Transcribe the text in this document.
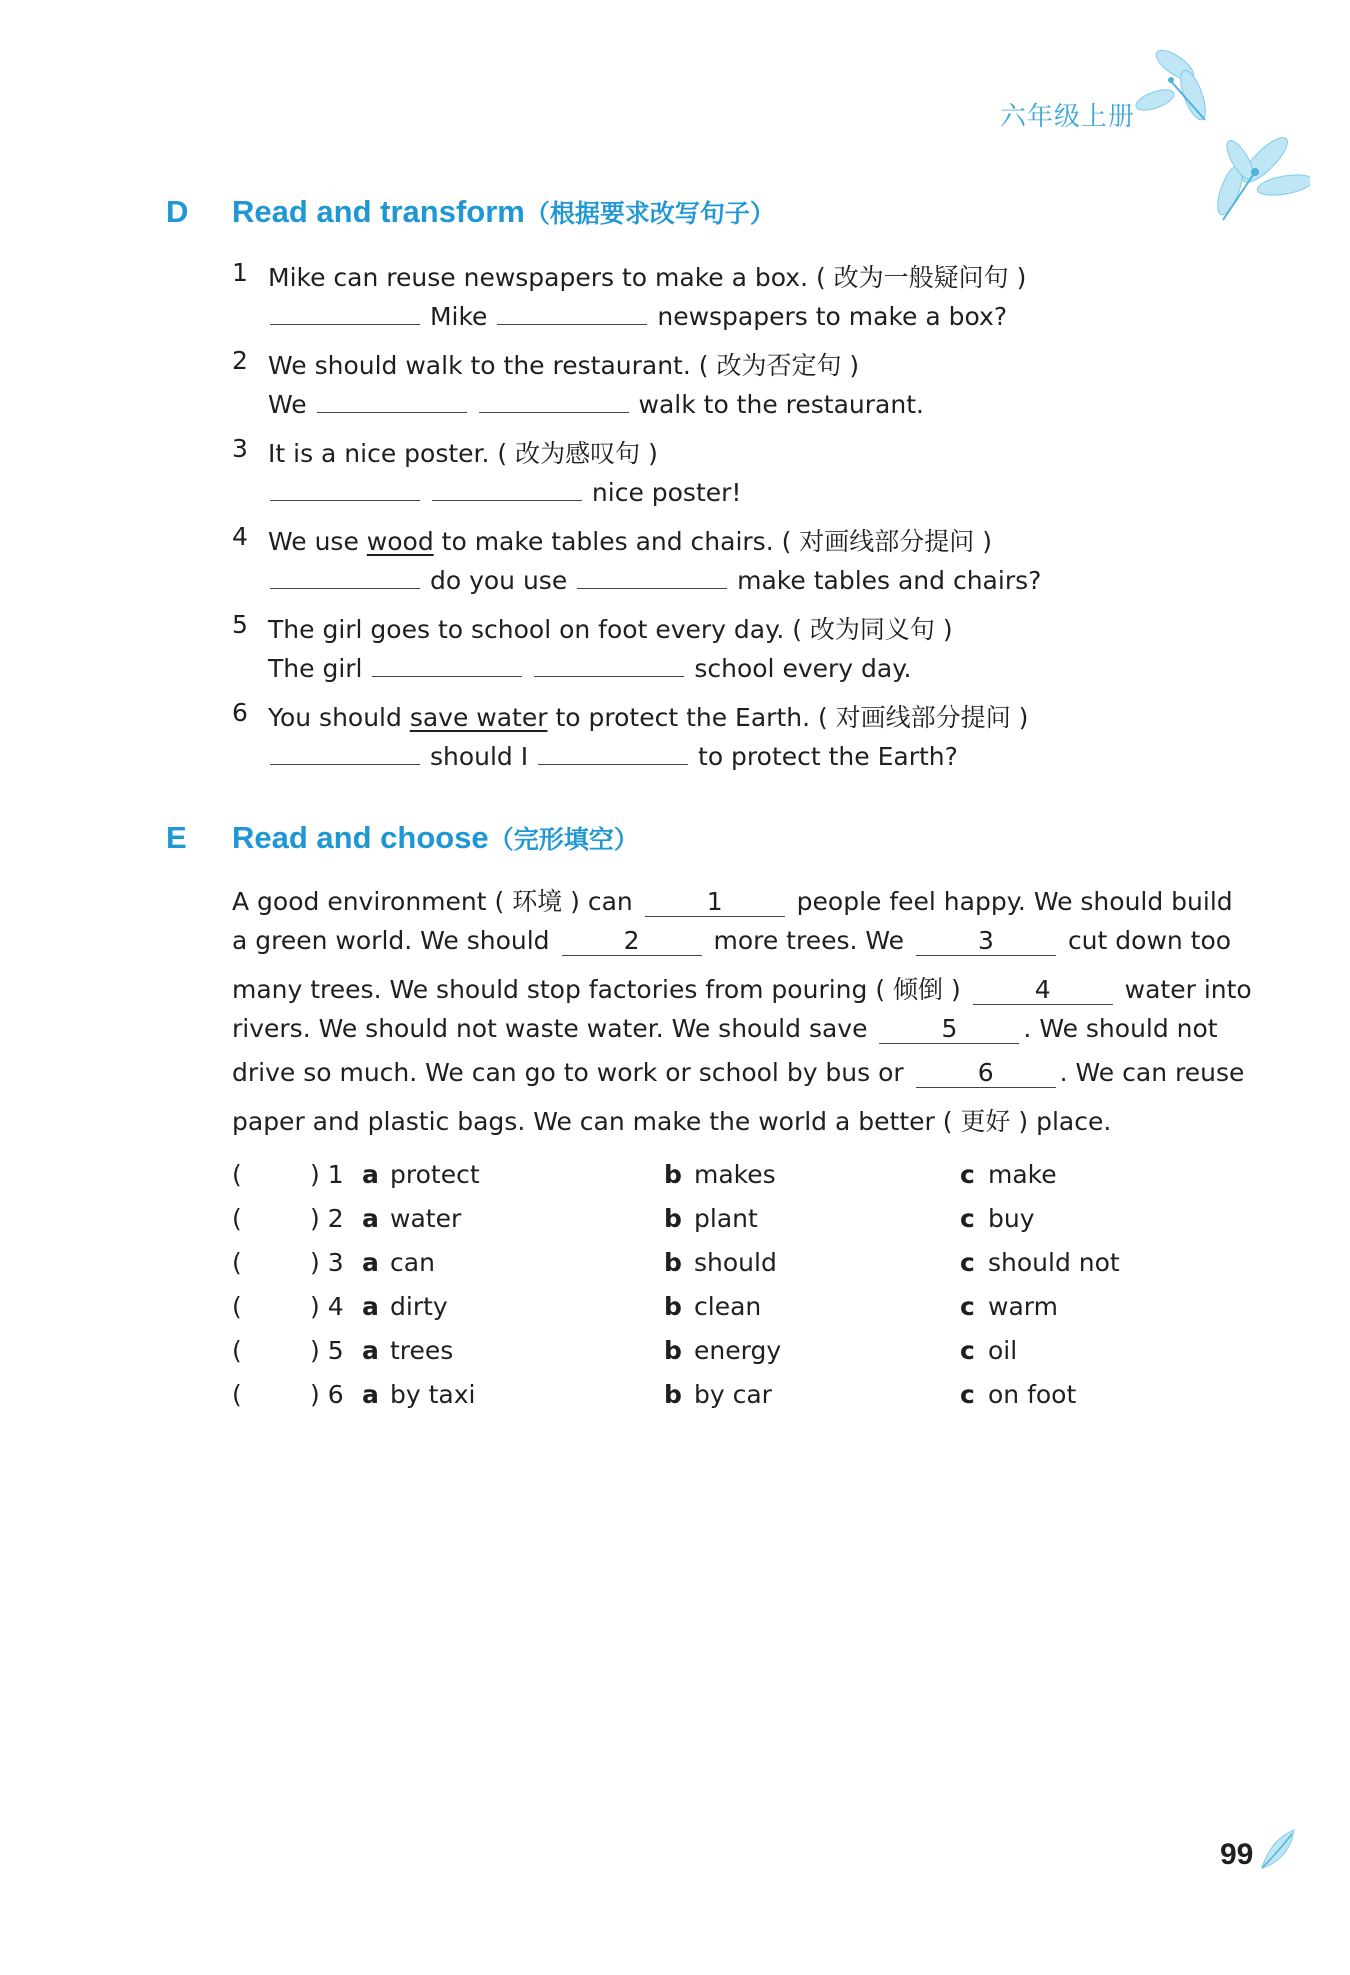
六年级上册
D Read and transform（根据要求改写句子）
1 Mike can reuse newspapers to make a box. ( 改为一般疑问句 )
Mike	newspapers to make a box?
2 We should walk to the restaurant. ( 改为否定句 )
We	walk to the restaurant.
3 It is a nice poster. ( 改为感叹句 )
nice poster!
4 We use wood to make tables and chairs. ( 对画线部分提问 )
do you use	make tables and chairs?
5 The girl goes to school on foot every day. ( 改为同义句 )
The girl	school every day.
6 You should save water to protect the Earth. ( 对画线部分提问 )
should I	to protect the Earth?
E Read and choose（完形填空）
A good environment ( 环境 ) can	1	people feel happy. We should build
a green world. We should	2	more trees. We	3	cut down too
many trees. We should stop factories from pouring ( 倾倒 )	4	water into
rivers. We should not waste water. We should save	5	. We should not
drive so much. We can go to work or school by bus or	6	. We can reuse
paper and plastic bags. We can make the world a better ( 更好 ) place.
(	) 1 a protect	b makes	c make
(	) 2 a water	b plant	c buy
(	) 3 a can	b should	c should not
(	) 4 a dirty	b clean	c warm
(	) 5 a trees	b energy	c oil
(	) 6 a by taxi	b by car	c on foot
99
